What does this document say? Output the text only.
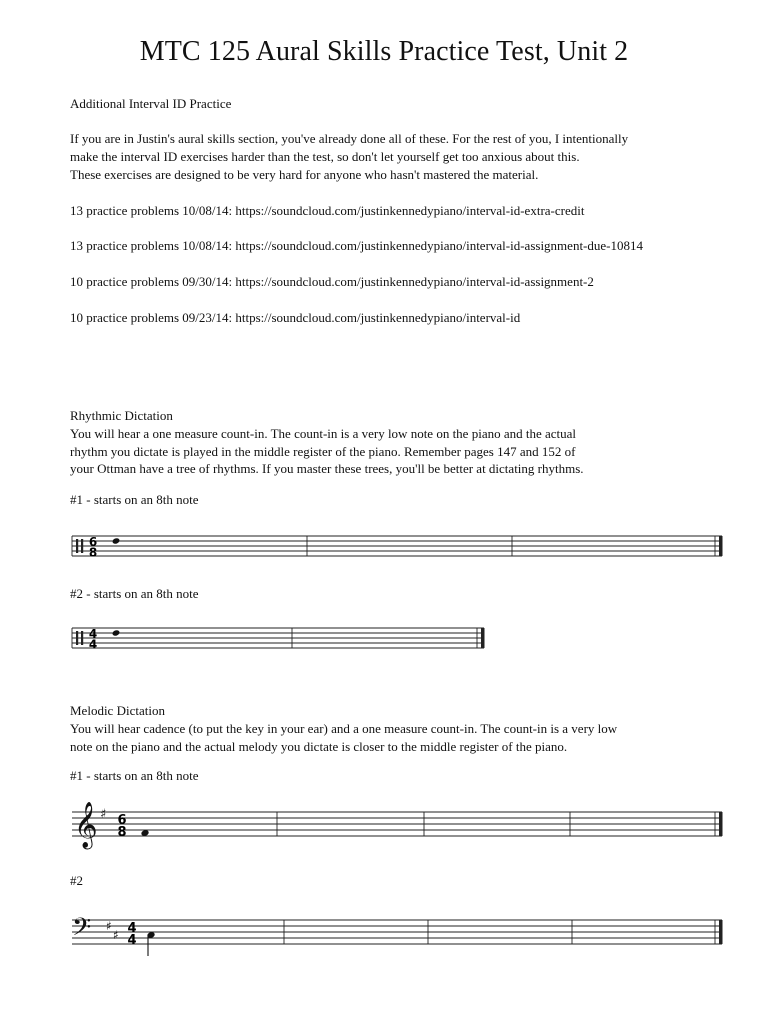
MTC 125 Aural Skills Practice Test, Unit 2

Additional Interval ID Practice

If you are in Justin's aural skills section, you've already done all of these. For the rest of you, I intentionally

make the interval ID exercises harder than the test, so don't let yourself get too anxious about this.

These exercises are designed to be very hard for anyone who hasn't mastered the material.

13 practice problems 10/08/14: https://soundcloud.com/justinkennedypiano/interval-id-extra-credit

13 practice problems 10/08/14: https://soundcloud.com/justinkennedypiano/interval-id-assignment-due-10814

10 practice problems 09/30/14: https://soundcloud.com/justinkennedypiano/interval-id-assignment-2

10 practice problems 09/23/14: https://soundcloud.com/justinkennedypiano/interval-id

Rhythmic Dictation

You will hear a one measure count-in. The count-in is a very low note on the piano and the actual

rhythm you dictate is played in the middle register of the piano. Remember pages 147 and 152 of

your Ottman have a tree of rhythms. If you master these trees, you'll be better at dictating rhythms.

#1 - starts on an 8th note

6
8

#2 - starts on an 8th note

4
4

Melodic Dictation

You will hear cadence (to put the key in your ear) and a one measure count-in. The count-in is a very low

note on the piano and the actual melody you dictate is closer to the middle register of the piano.

#1 - starts on an 8th note

𝄞 ♯ 6
8

#2

𝄢 ♯
♯ 4
4
